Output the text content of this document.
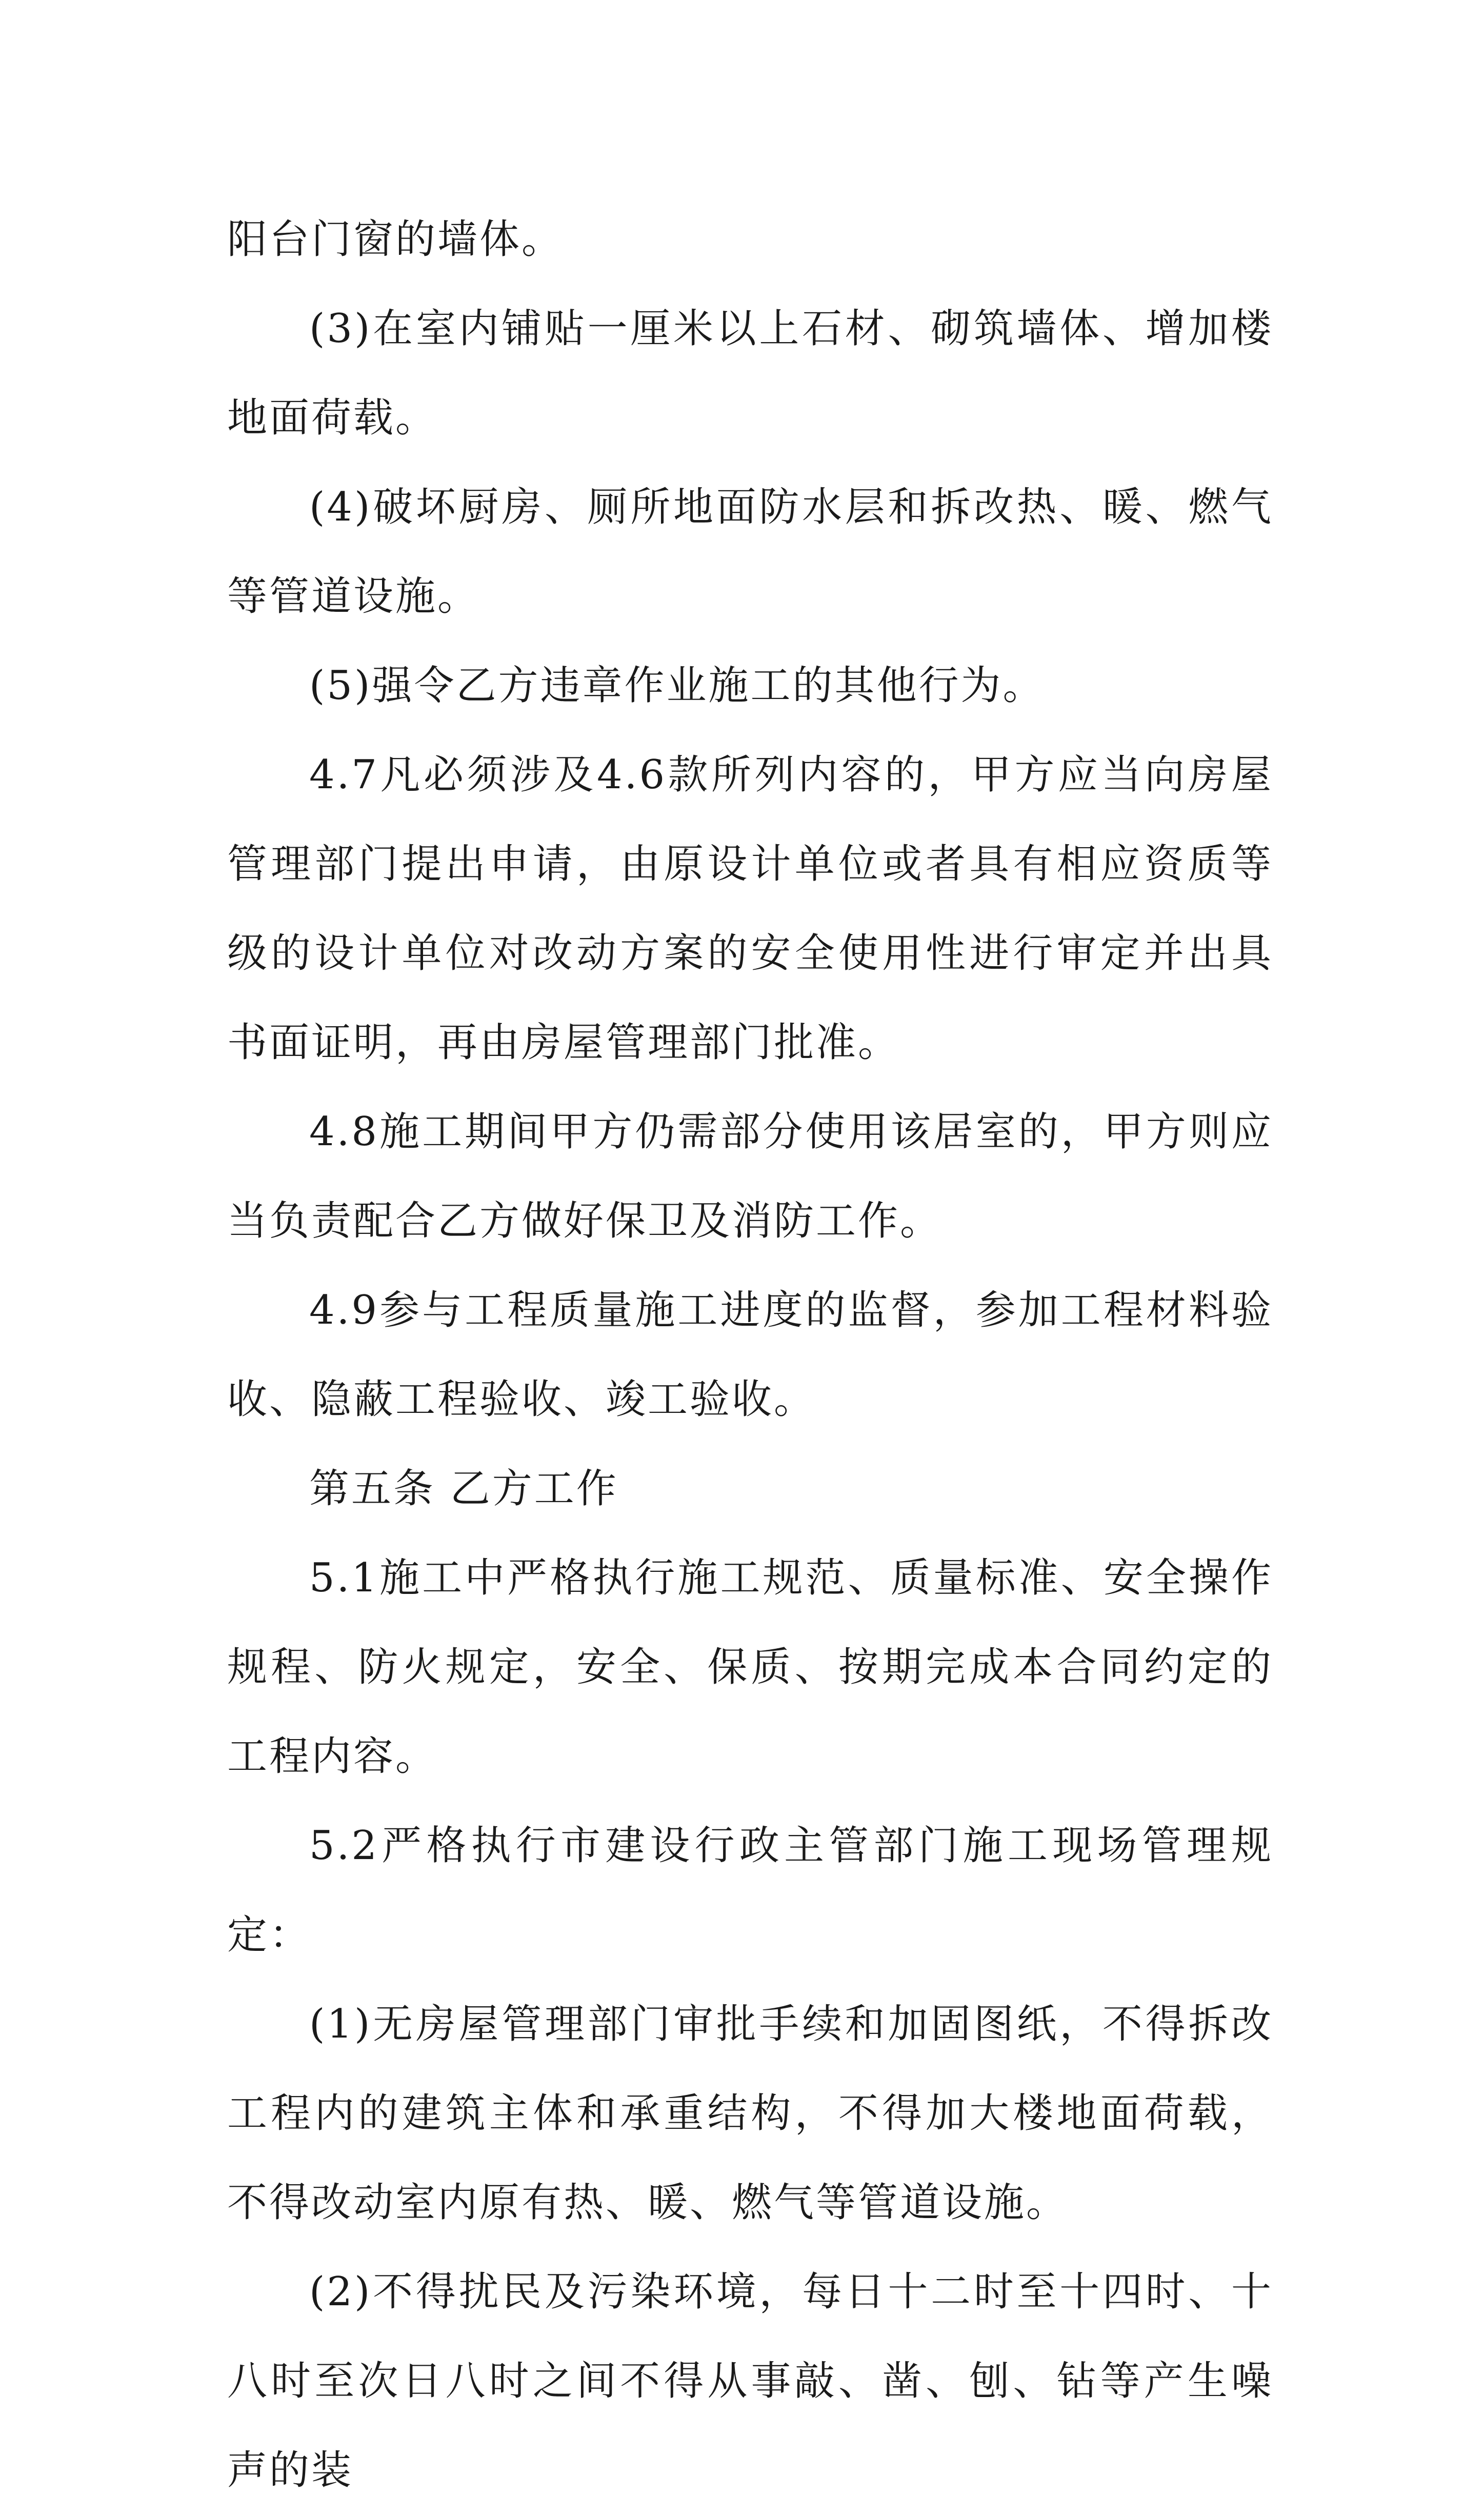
阳台门窗的墙体。

(3)在室内铺贴一厘米以上石材、砌筑墙体、增加楼地面荷载。

(4)破坏厨房、厕所地面防水层和拆改热、暖、燃气等管道设施。

(5)强令乙方违章作业施工的其他行为。

4.7凡必须涉及4.6款所列内容的，甲方应当向房屋管理部门提出申请，由原设计单位或者具有相应资质等级的设计单位对改动方案的安全使用性进行审定并出具书面证明，再由房屋管理部门批准。

4.8施工期间甲方仍需部分使用该居室的，甲方则应当负责配合乙方做好保卫及消防工作。

4.9参与工程质量施工进度的监督，参加工程材料验收、隐蔽工程验收、竣工验收。

第五条 乙方工作

5.1施工中严格执行施工规范、质量标准、安全操作规程、防火规定，安全、保质、按期完成本合同约定的工程内容。

5.2严格执行市建设行政主管部门施工现场管理规定：

(1)无房屋管理部门审批手续和加固图纸，不得拆改工程内的建筑主体和承重结构，不得加大楼地面荷载，不得改动室内原有热、暖、燃气等管道设施。

(2)不得扰民及污染环境，每日十二时至十四时、十八时至次日八时之间不得从事敲、凿、刨、钻等产生噪声的装
